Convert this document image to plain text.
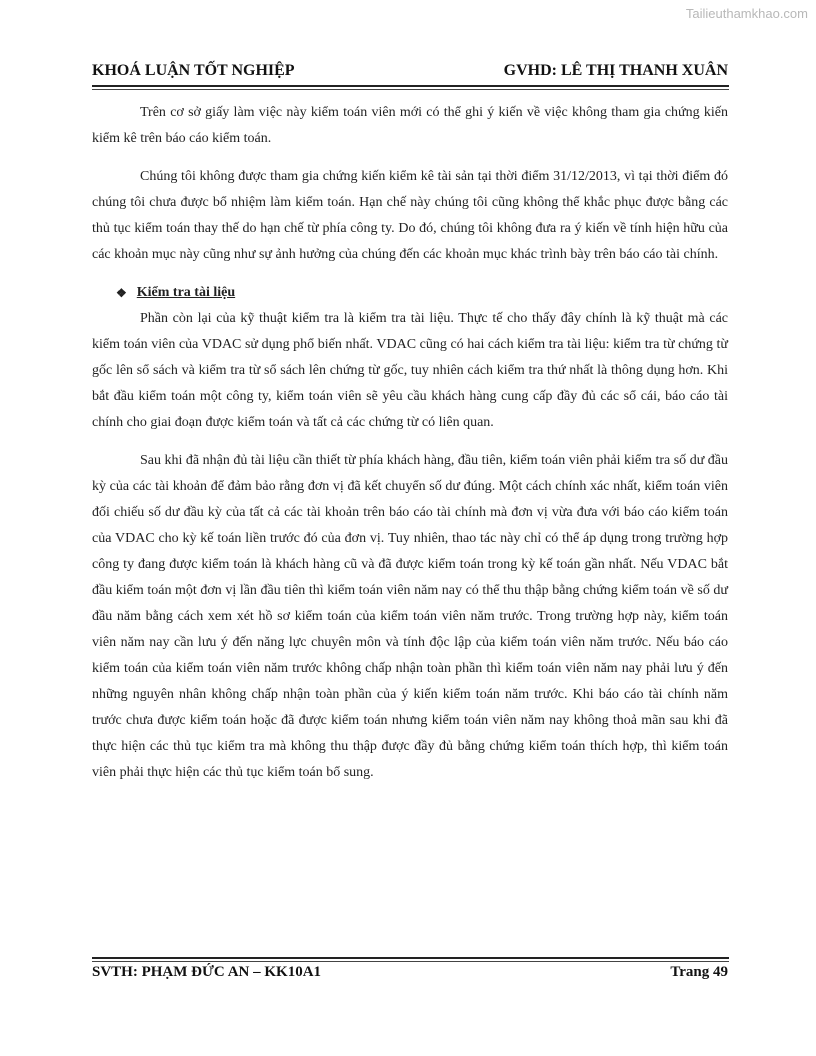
Tailieuthamkhao.com
KHOÁ LUẬN TỐT NGHIỆP	GVHD: LÊ THỊ THANH XUÂN

Trên cơ sở giấy làm việc này kiểm toán viên mới có thể ghi ý kiến về việc không tham gia chứng kiến kiểm kê trên báo cáo kiểm toán.

Chúng tôi không được tham gia chứng kiến kiểm kê tài sản tại thời điểm 31/12/2013, vì tại thời điểm đó chúng tôi chưa được bổ nhiệm làm kiểm toán. Hạn chế này chúng tôi cũng không thể khắc phục được bằng các thủ tục kiểm toán thay thế do hạn chế từ phía công ty. Do đó, chúng tôi không đưa ra ý kiến về tính hiện hữu của các khoản mục này cũng như sự ảnh hưởng của chúng đến các khoản mục khác trình bày trên báo cáo tài chính.

❖ Kiểm tra tài liệu

Phần còn lại của kỹ thuật kiểm tra là kiểm tra tài liệu. Thực tế cho thấy đây chính là kỹ thuật mà các kiểm toán viên của VDAC sử dụng phổ biến nhất. VDAC cũng có hai cách kiểm tra tài liệu: kiểm tra từ chứng từ gốc lên sổ sách và kiểm tra từ sổ sách lên chứng từ gốc, tuy nhiên cách kiểm tra thứ nhất là thông dụng hơn. Khi bắt đầu kiểm toán một công ty, kiểm toán viên sẽ yêu cầu khách hàng cung cấp đầy đủ các sổ cái, báo cáo tài chính cho giai đoạn được kiểm toán và tất cả các chứng từ có liên quan.

Sau khi đã nhận đủ tài liệu cần thiết từ phía khách hàng, đầu tiên, kiểm toán viên phải kiểm tra số dư đầu kỳ của các tài khoản để đảm bảo rằng đơn vị đã kết chuyển số dư đúng. Một cách chính xác nhất, kiểm toán viên đối chiếu số dư đầu kỳ của tất cả các tài khoản trên báo cáo tài chính mà đơn vị vừa đưa với báo cáo kiểm toán của VDAC cho kỳ kế toán liền trước đó của đơn vị. Tuy nhiên, thao tác này chỉ có thể áp dụng trong trường hợp công ty đang được kiểm toán là khách hàng cũ và đã được kiểm toán trong kỳ kế toán gần nhất. Nếu VDAC bắt đầu kiểm toán một đơn vị lần đầu tiên thì kiểm toán viên năm nay có thể thu thập bằng chứng kiểm toán về số dư đầu năm bằng cách xem xét hồ sơ kiểm toán của kiểm toán viên năm trước. Trong trường hợp này, kiểm toán viên năm nay cần lưu ý đến năng lực chuyên môn và tính độc lập của kiểm toán viên năm trước. Nếu báo cáo kiểm toán của kiểm toán viên năm trước không chấp nhận toàn phần thì kiểm toán viên năm nay phải lưu ý đến những nguyên nhân không chấp nhận toàn phần của ý kiến kiểm toán năm trước. Khi báo cáo tài chính năm trước chưa được kiểm toán hoặc đã được kiểm toán nhưng kiểm toán viên năm nay không thoả mãn sau khi đã thực hiện các thủ tục kiểm tra mà không thu thập được đầy đủ bằng chứng kiểm toán thích hợp, thì kiểm toán viên phải thực hiện các thủ tục kiểm toán bổ sung.

SVTH: PHẠM ĐỨC AN – KK10A1	Trang 49
